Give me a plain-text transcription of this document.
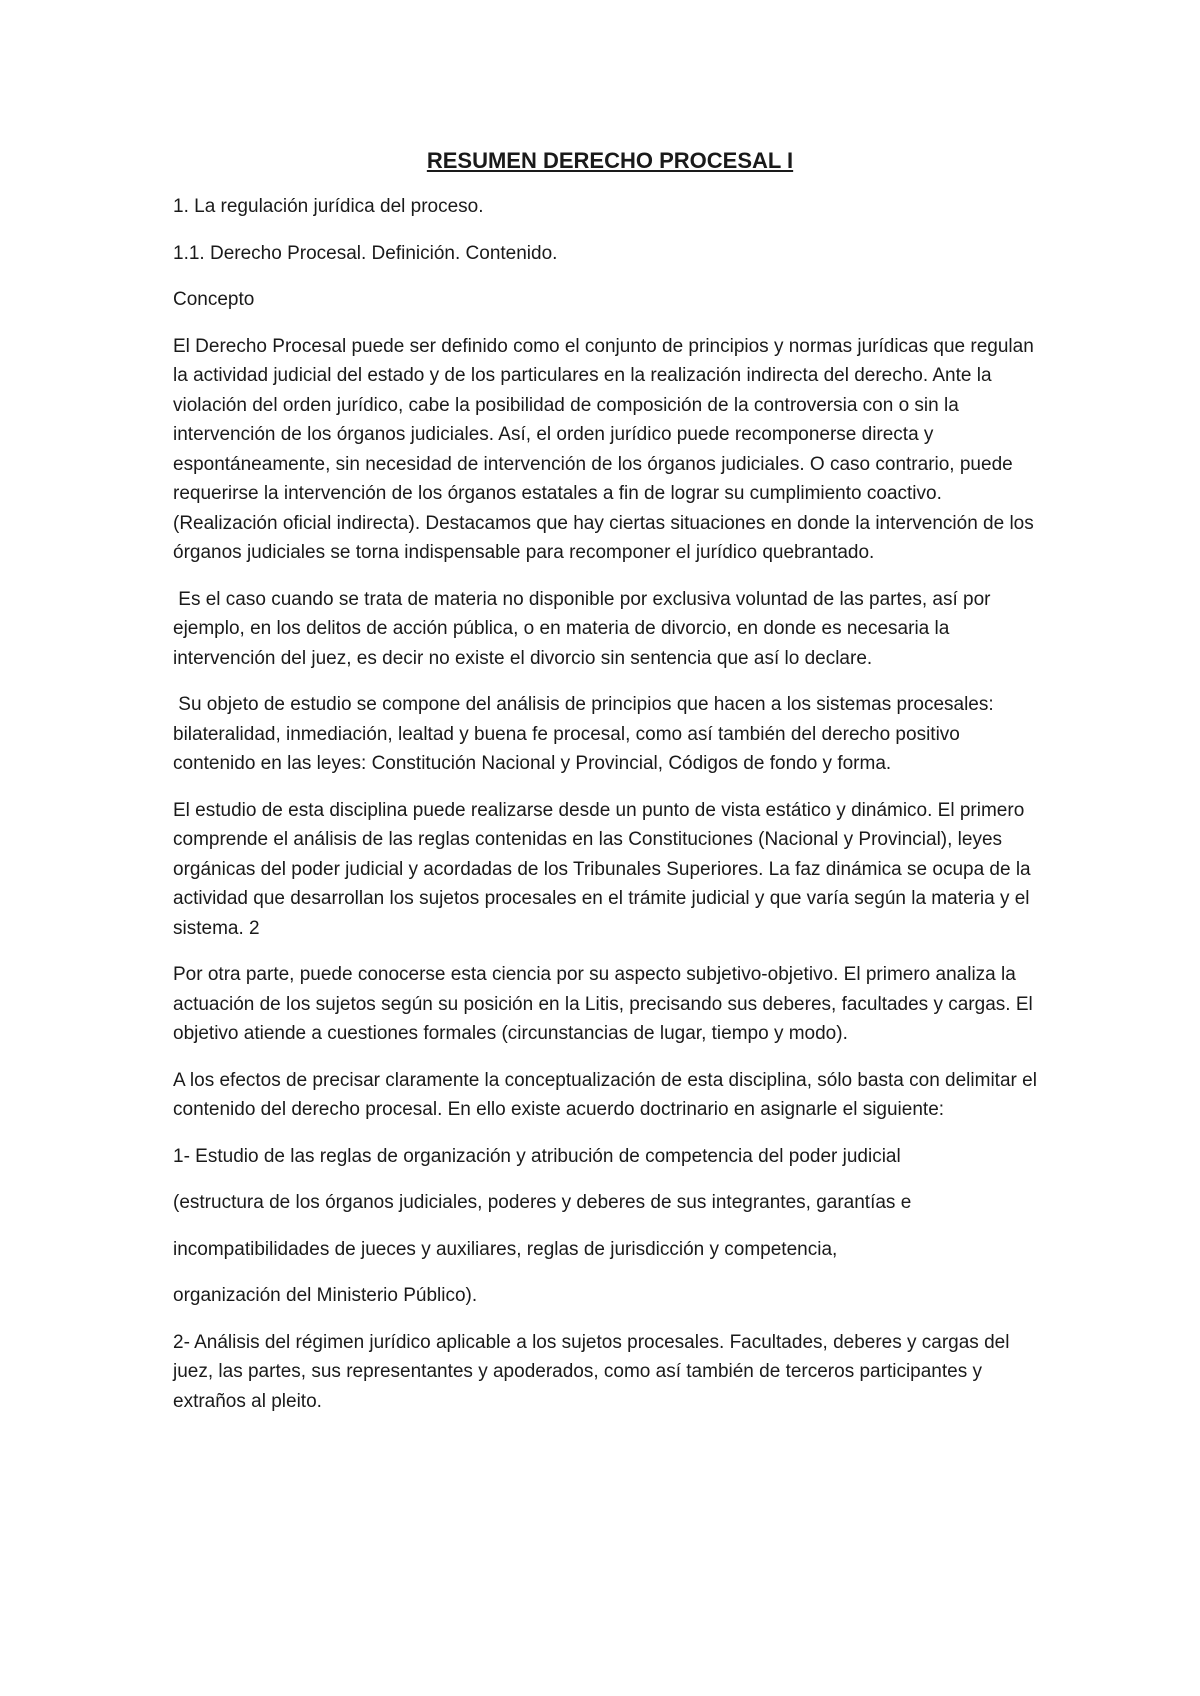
RESUMEN DERECHO PROCESAL I

1. La regulación jurídica del proceso.

1.1. Derecho Procesal. Definición. Contenido.

Concepto

El Derecho Procesal puede ser definido como el conjunto de principios y normas jurídicas que regulan la actividad judicial del estado y de los particulares en la realización indirecta del derecho. Ante la violación del orden jurídico, cabe la posibilidad de composición de la controversia con o sin la intervención de los órganos judiciales. Así, el orden jurídico puede recomponerse directa y espontáneamente, sin necesidad de intervención de los órganos judiciales. O caso contrario, puede requerirse la intervención de los órganos estatales a fin de lograr su cumplimiento coactivo. (Realización oficial indirecta). Destacamos que hay ciertas situaciones en donde la intervención de los órganos judiciales se torna indispensable para recomponer el jurídico quebrantado.

Es el caso cuando se trata de materia no disponible por exclusiva voluntad de las partes, así por ejemplo, en los delitos de acción pública, o en materia de divorcio, en donde es necesaria la intervención del juez, es decir no existe el divorcio sin sentencia que así lo declare.

Su objeto de estudio se compone del análisis de principios que hacen a los sistemas procesales: bilateralidad, inmediación, lealtad y buena fe procesal, como así también del derecho positivo contenido en las leyes: Constitución Nacional y Provincial, Códigos de fondo y forma.

El estudio de esta disciplina puede realizarse desde un punto de vista estático y dinámico. El primero comprende el análisis de las reglas contenidas en las Constituciones (Nacional y Provincial), leyes orgánicas del poder judicial y acordadas de los Tribunales Superiores. La faz dinámica se ocupa de la actividad que desarrollan los sujetos procesales en el trámite judicial y que varía según la materia y el sistema. 2

Por otra parte, puede conocerse esta ciencia por su aspecto subjetivo-objetivo. El primero analiza la actuación de los sujetos según su posición en la Litis, precisando sus deberes, facultades y cargas. El objetivo atiende a cuestiones formales (circunstancias de lugar, tiempo y modo).

A los efectos de precisar claramente la conceptualización de esta disciplina, sólo basta con delimitar el contenido del derecho procesal. En ello existe acuerdo doctrinario en asignarle el siguiente:

1- Estudio de las reglas de organización y atribución de competencia del poder judicial

(estructura de los órganos judiciales, poderes y deberes de sus integrantes, garantías e

incompatibilidades de jueces y auxiliares, reglas de jurisdicción y competencia,

organización del Ministerio Público).

2- Análisis del régimen jurídico aplicable a los sujetos procesales. Facultades, deberes y cargas del juez, las partes, sus representantes y apoderados, como así también de terceros participantes y extraños al pleito.
